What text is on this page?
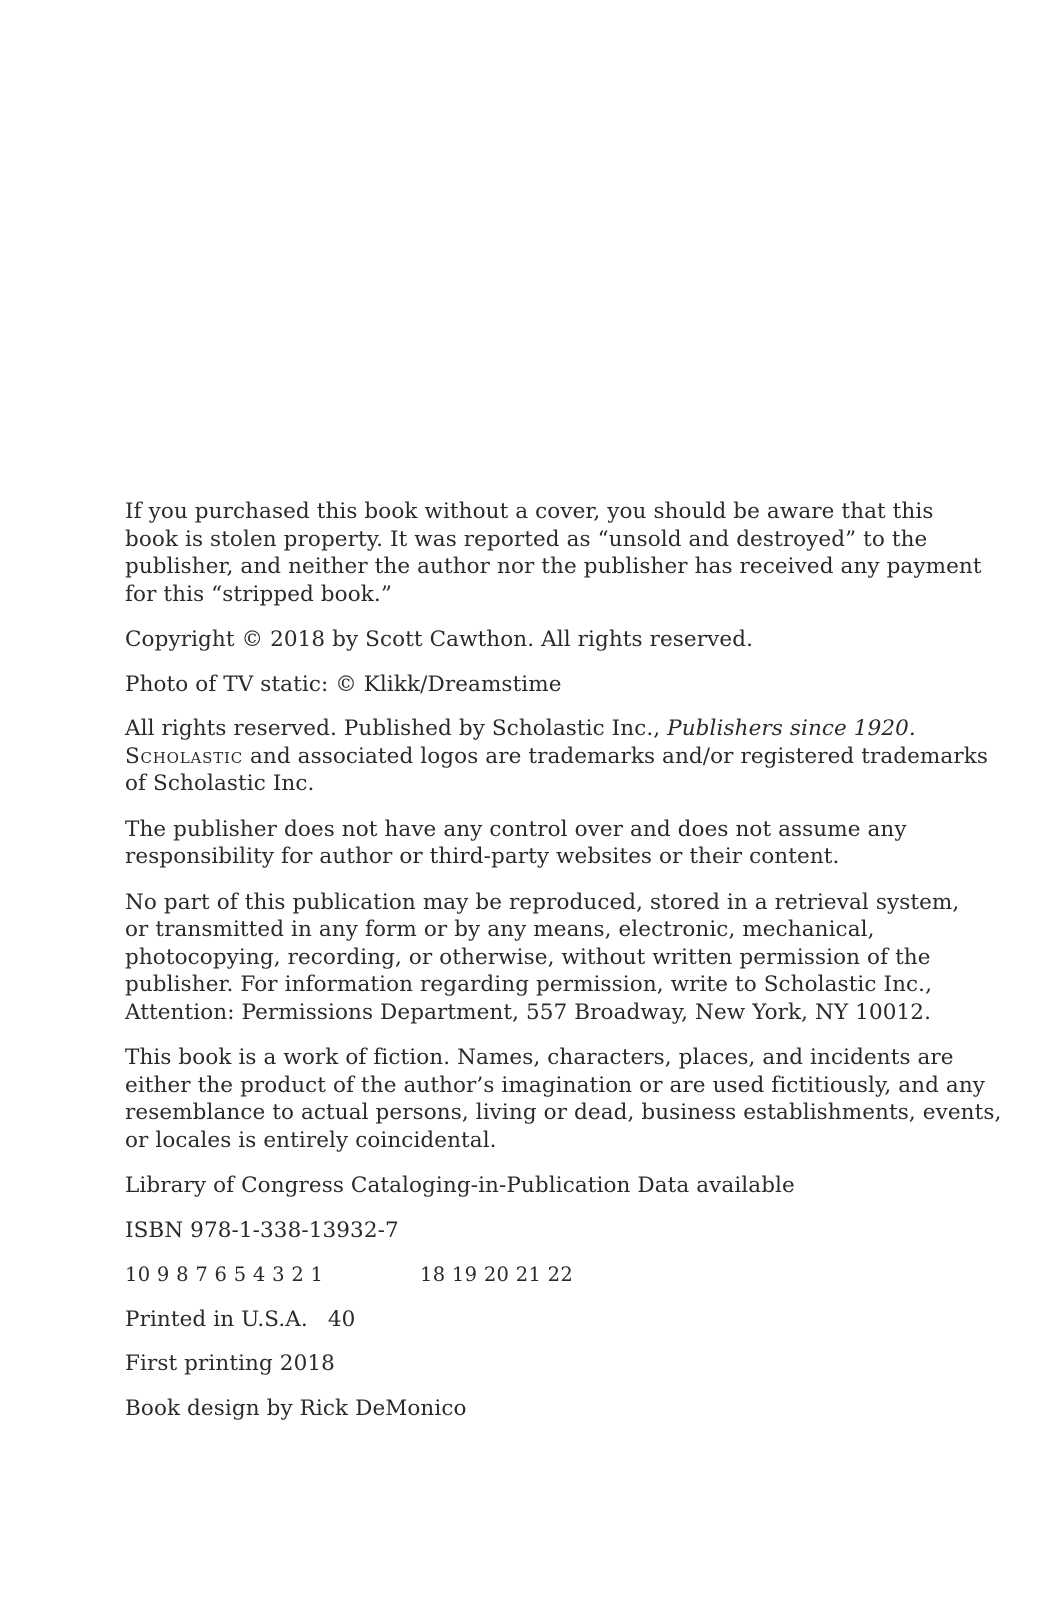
If you purchased this book without a cover, you should be aware that this
book is stolen property. It was reported as “unsold and destroyed” to the
publisher, and neither the author nor the publisher has received any payment
for this “stripped book.”

Copyright © 2018 by Scott Cawthon. All rights reserved.

Photo of TV static: © Klikk/Dreamstime

All rights reserved. Published by Scholastic Inc., Publishers since 1920.
Scholastic and associated logos are trademarks and/or registered trademarks
of Scholastic Inc.

The publisher does not have any control over and does not assume any
responsibility for author or third-party websites or their content.

No part of this publication may be reproduced, stored in a retrieval system,
or transmitted in any form or by any means, electronic, mechanical,
photocopying, recording, or otherwise, without written permission of the
publisher. For information regarding permission, write to Scholastic Inc.,
Attention: Permissions Department, 557 Broadway, New York, NY 10012.

This book is a work of fiction. Names, characters, places, and incidents are
either the product of the author’s imagination or are used fictitiously, and any
resemblance to actual persons, living or dead, business establishments, events,
or locales is entirely coincidental.

Library of Congress Cataloging-in-Publication Data available

ISBN 978-1-338-13932-7

10 9 8 7 6 5 4 3 2 1	18 19 20 21 22

Printed in U.S.A. 40

First printing 2018

Book design by Rick DeMonico
